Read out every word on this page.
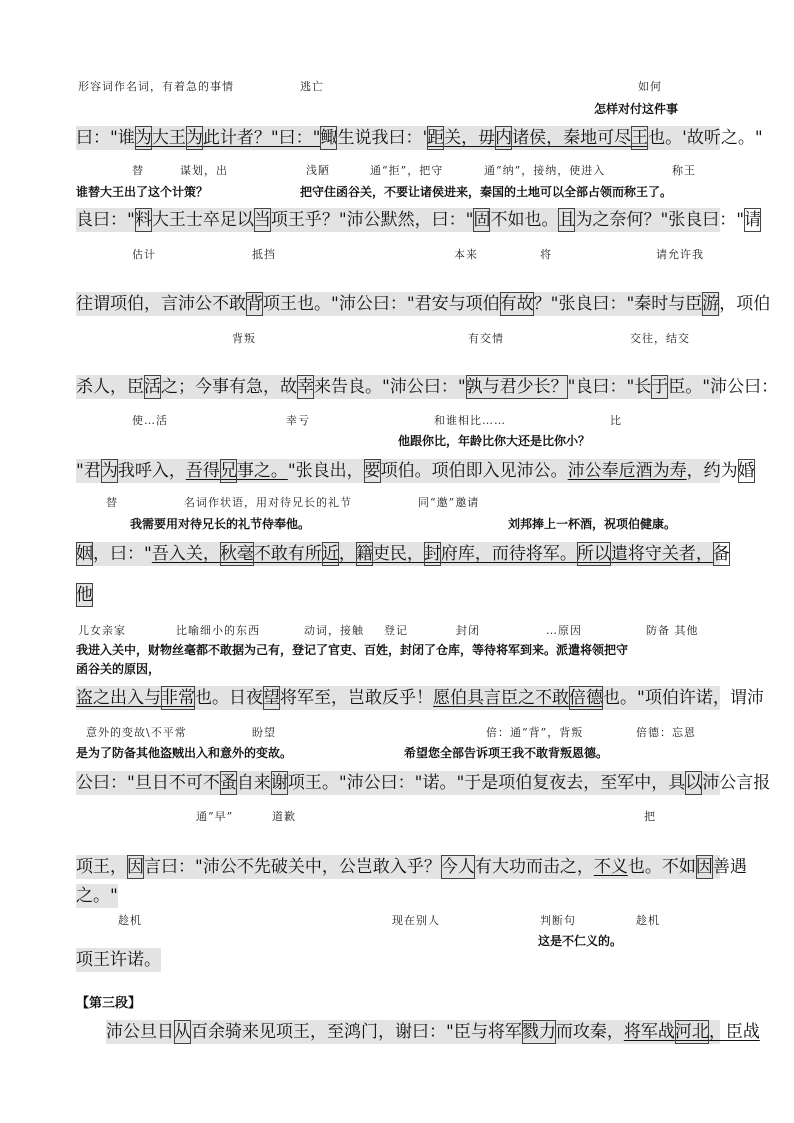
形容词作名词，有着急的事情	逃亡	如何
怎样对付这件事
曰："谁 为 大王 为 此计者？"曰：" 鲰 生说我曰：' 距 关，毋 内 诸侯，秦地可尽 王 也。'故听之。"
替	谋划，出	浅陋	通“拒”，把守	通“纳”，接纳，使进入	称王
谁替大王出了这个计策？	把守住函谷关，不要让诸侯进来，秦国的土地可以全部占领而称王了。
良曰：" 料 大王士卒足以 当 项王乎？"沛公默然，曰：" 固 不如也。 且 为之奈何？"张良曰：" 请
估计	抵挡	本来	将	请允许我
往谓项伯，言沛公不敢 背 项王也。"沛公曰："君安与项伯 有故 ？"张良曰："秦时与臣 游 ，项伯
背叛	有交情	交往，结交
杀人，臣 活 之；今事有急，故 幸 来告良。"沛公曰：" 孰与君少长？ "良曰："长 于 臣。"沛公曰：
使…活	幸亏	和谁相比……	比
他跟你比，年龄比你大还是比你小？
"君 为 我呼入， 吾得 兄 事之。 "张良出， 要 项伯。项伯即入见沛公。 沛公奉卮酒为寿 ，约为 婚
替	名词作状语，用对待兄长的礼节	同“邀”邀请
我需要用对待兄长的礼节侍奉他。	刘邦捧上一杯酒，祝项伯健康。
姻 ，曰：" 吾入关， 秋毫 不敢有所 近 ， 籍 吏民， 封 府库，而待将军。 所以 遣将守关者， 备
他
儿女亲家	比喻细小的东西	动词，接触 登记	封闭	…原因	防备 其他
我进入关中，财物丝毫都不敢据为己有，登记了官吏、百姓，封闭了仓库，等待将军到来。派遣将领把守
函谷关的原因，
盗之出入与 非常 也。日夜 望 将军至，岂敢反乎！ 愿伯具言臣之不敢 倍德 也。"项伯许诺，谓沛
意外的变故\不平常	盼望	倍：通“背”，背叛	倍德：忘恩
是为了防备其他盗贼出入和意外的变故。	希望您全部告诉项王我不敢背叛恩德。
公曰："旦日不可不 蚤 自来 谢 项王。"沛公曰："诺。"于是项伯复夜去，至军中，具 以 沛公言报
通”早”	道歉	把
项王， 因 言曰："沛公不先破关中，公岂敢入乎？ 今人 有大功而击之， 不义 也。不如 因 善遇
之。"
趁机	现在别人	判断句	趁机
这是不仁义的。
项王许诺。
【第三段】
沛公旦日 从 百余骑来见项王，至鸿门，谢曰："臣与将军 戮力 而攻秦， 将军战 河北 ，臣战
